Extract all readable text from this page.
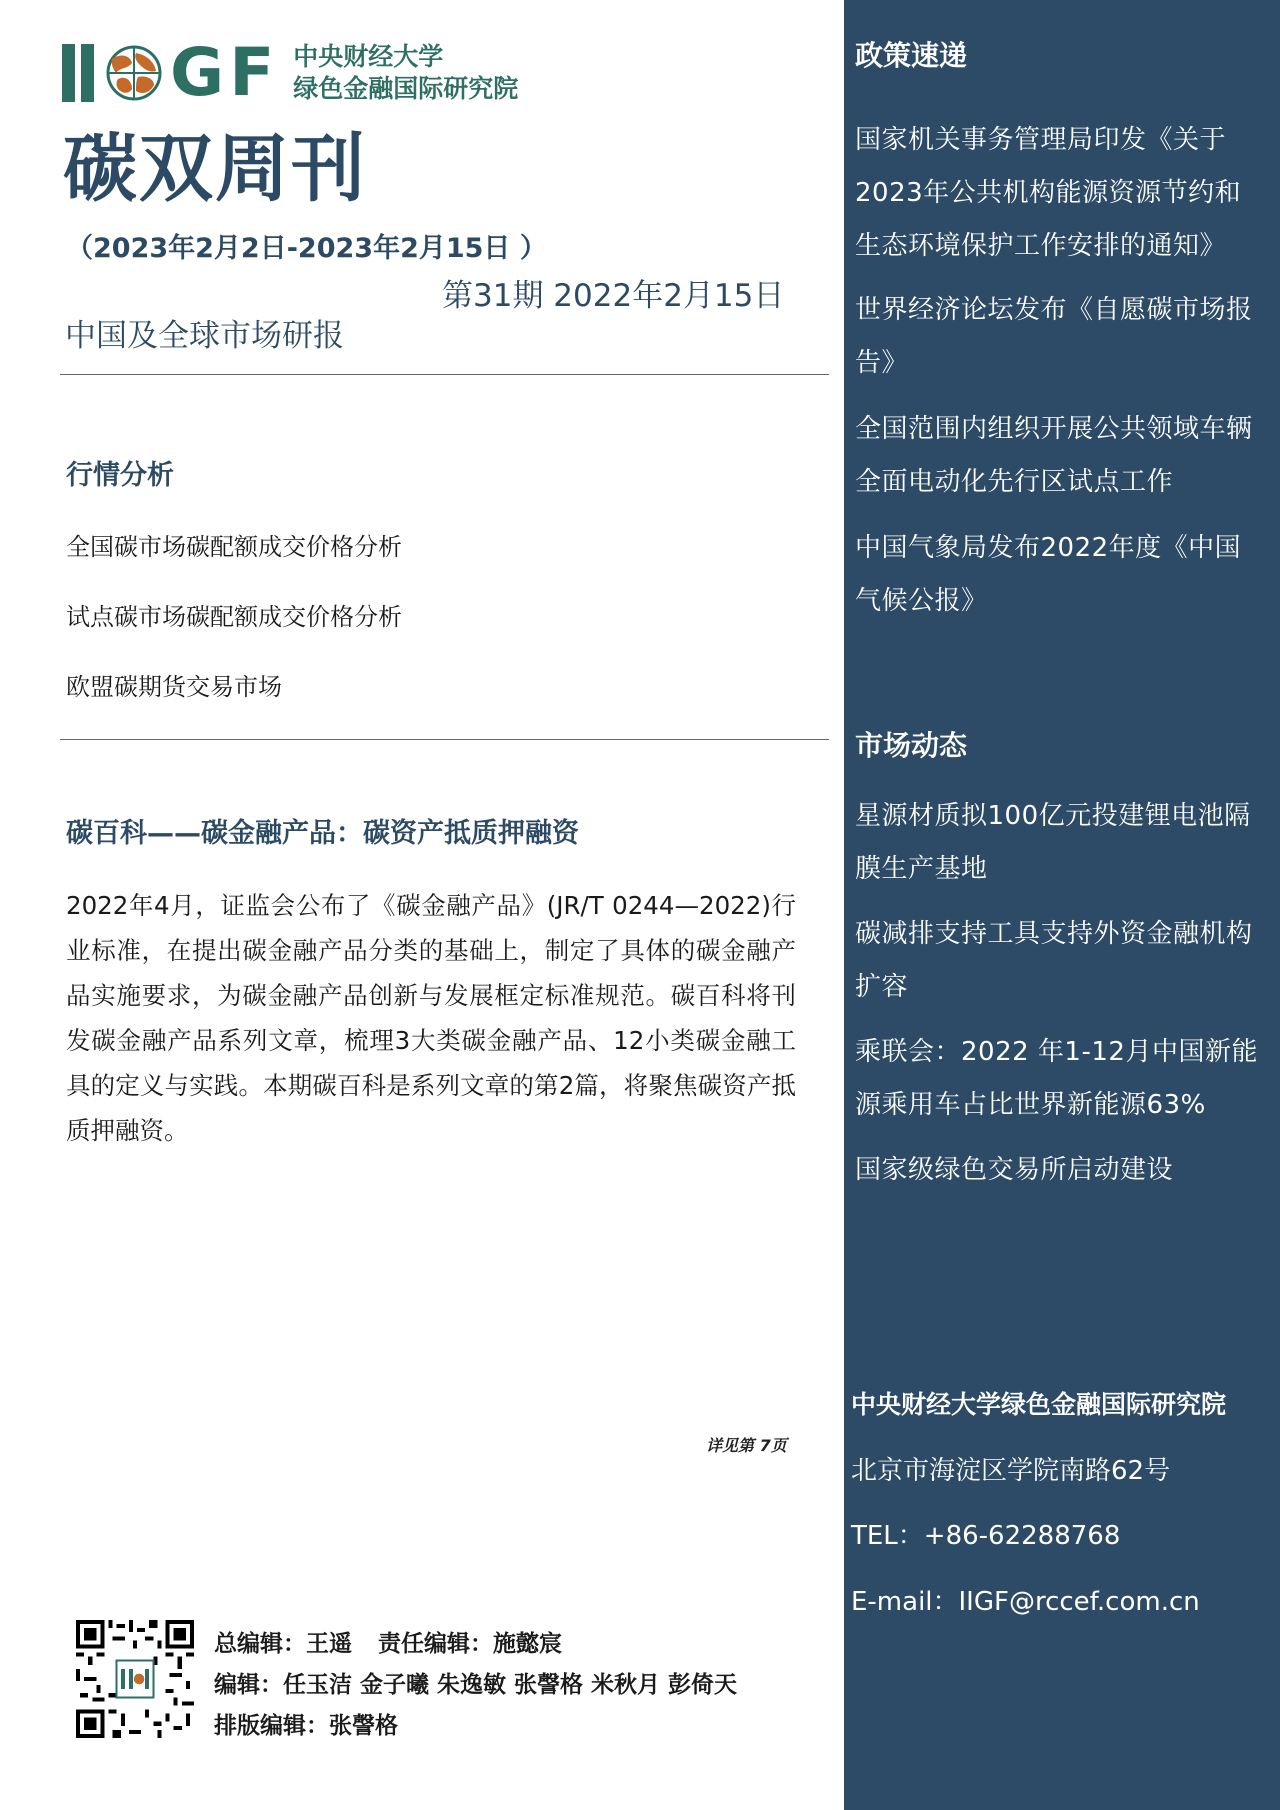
G F 中央财经大学
绿色金融国际研究院
碳双周刊
（2023年2月2日-2023年2月15日 ）
第31期 2022年2月15日
中国及全球市场研报
行情分析
全国碳市场碳配额成交价格分析
试点碳市场碳配额成交价格分析
欧盟碳期货交易市场
碳百科——碳金融产品：碳资产抵质押融资
2022年4月，证监会公布了《碳金融产品》(JR/T 0244—2022)行业标准，在提出碳金融产品分类的基础上，制定了具体的碳金融产品实施要求，为碳金融产品创新与发展框定标准规范。碳百科将刊发碳金融产品系列文章，梳理3大类碳金融产品、12小类碳金融工具的定义与实践。本期碳百科是系列文章的第2篇，将聚焦碳资产抵质押融资。
详见第 7页
总编辑：王遥 责任编辑：施懿宸
编辑：任玉洁 金子曦 朱逸敏 张謦格 米秋月 彭倚天
排版编辑：张謦格
政策速递
国家机关事务管理局印发《关于2023年公共机构能源资源节约和生态环境保护工作安排的通知》
世界经济论坛发布《自愿碳市场报告》
全国范围内组织开展公共领域车辆全面电动化先行区试点工作
中国气象局发布2022年度《中国气候公报》
市场动态
星源材质拟100亿元投建锂电池隔膜生产基地
碳减排支持工具支持外资金融机构扩容
乘联会：2022 年1-12月中国新能源乘用车占比世界新能源63%
国家级绿色交易所启动建设
中央财经大学绿色金融国际研究院
北京市海淀区学院南路62号
TEL：+86-62288768
E-mail：IIGF@rccef.com.cn
